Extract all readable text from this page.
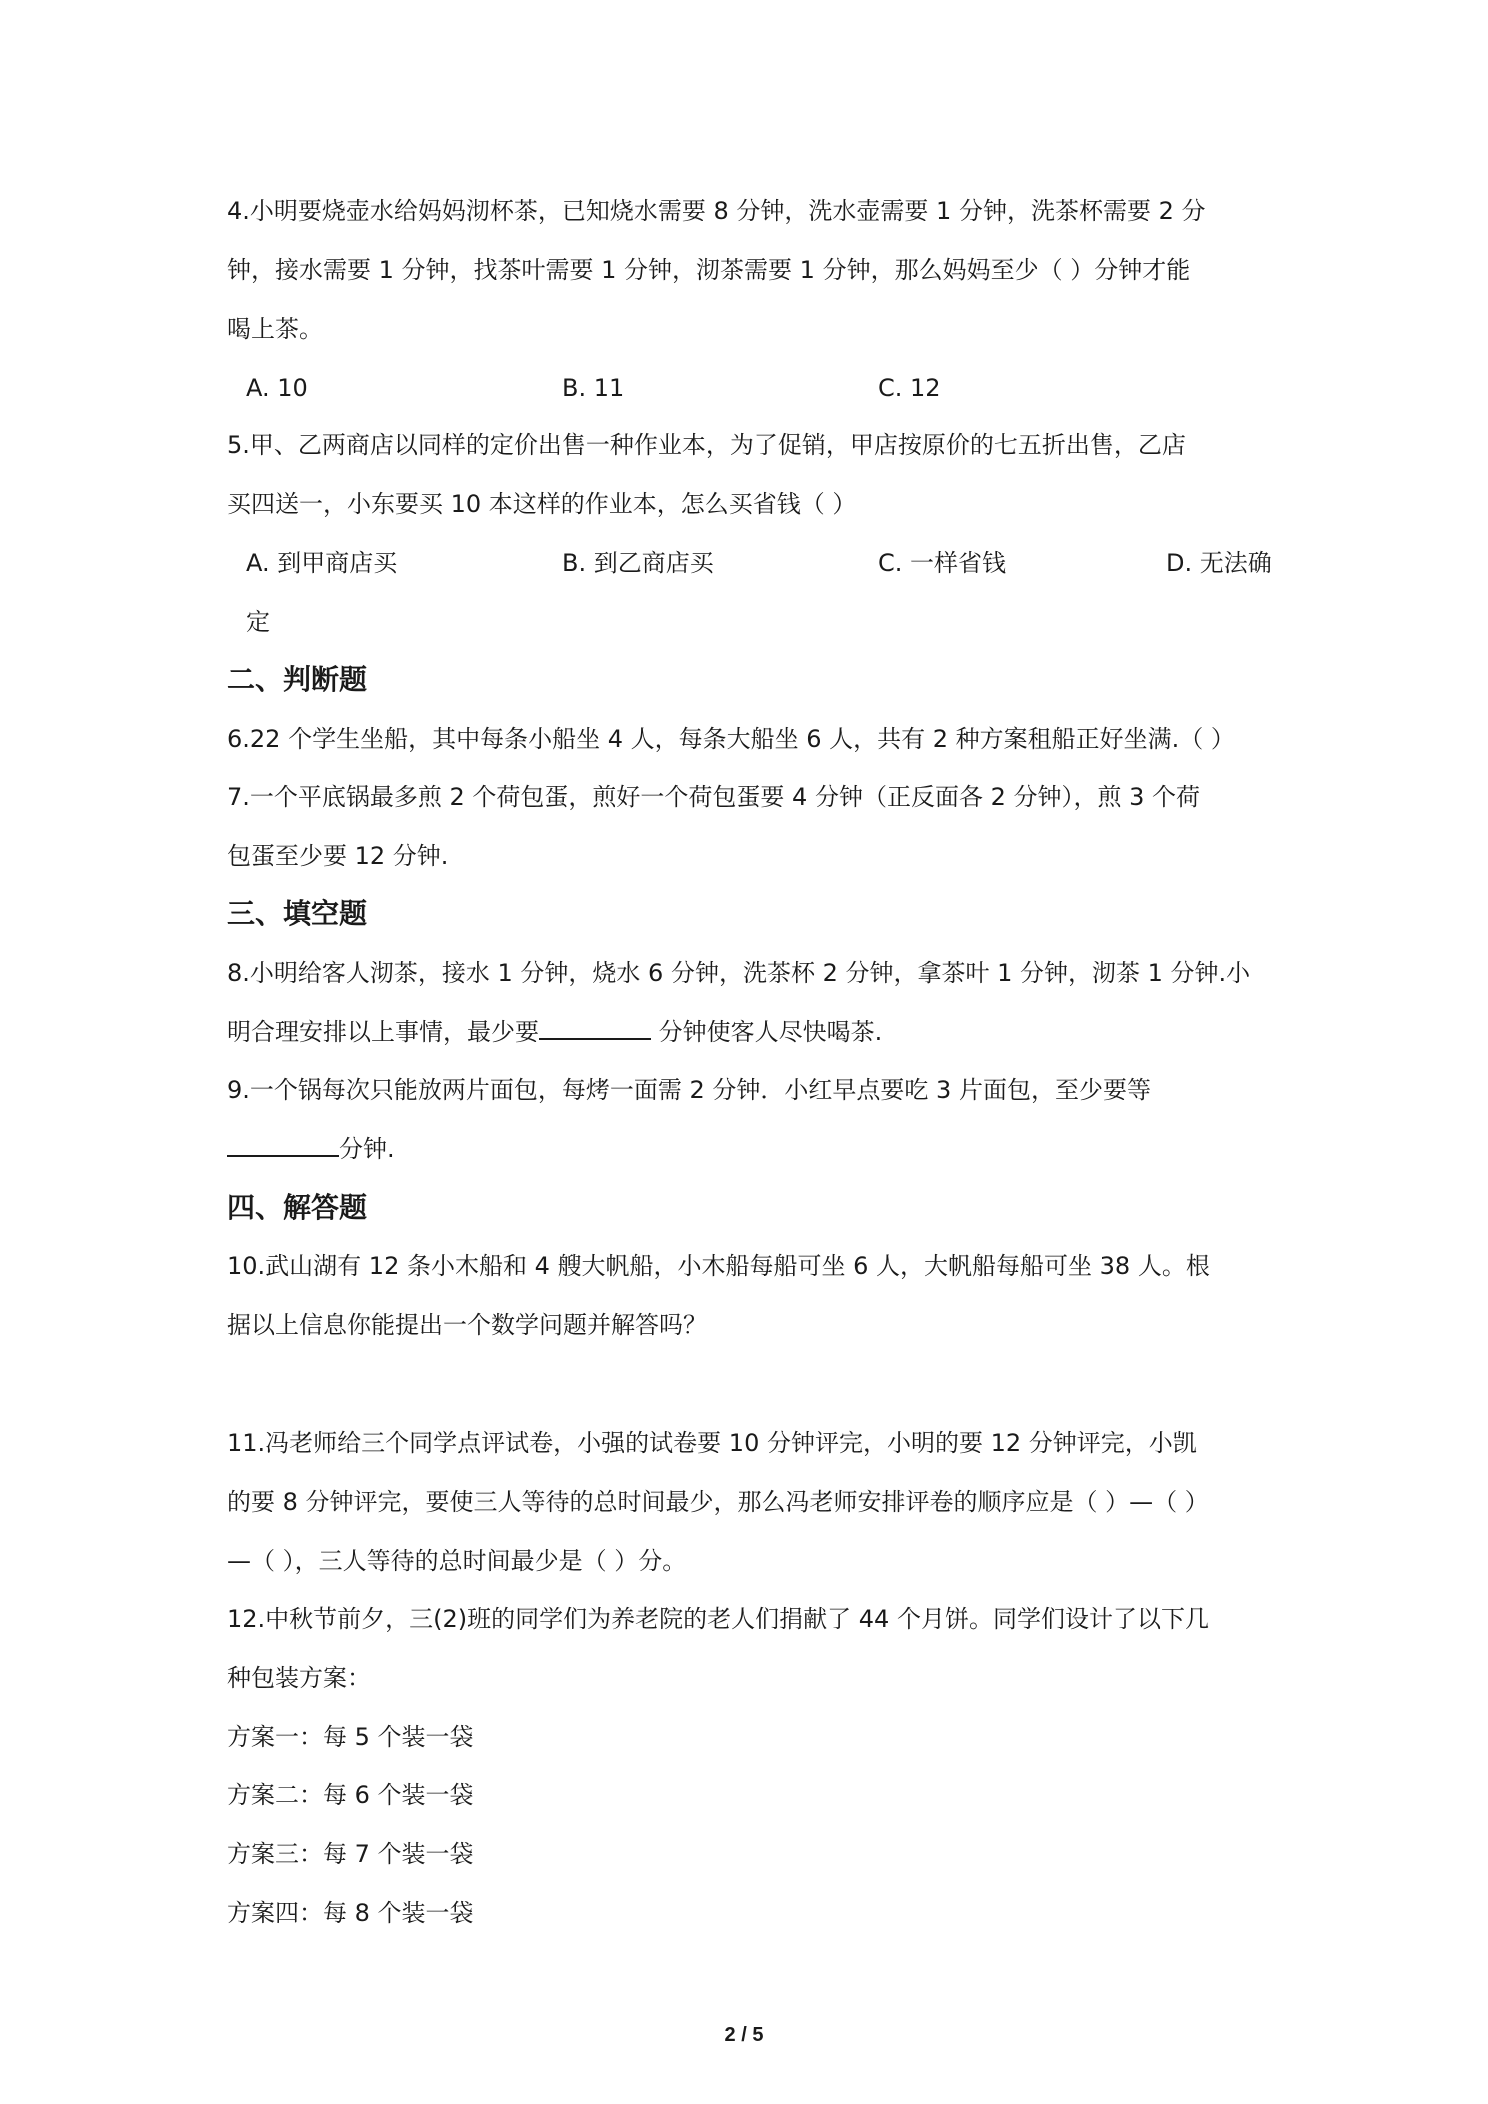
4.小明要烧壶水给妈妈沏杯茶，已知烧水需要 8 分钟，洗水壶需要 1 分钟，洗茶杯需要 2 分
钟，接水需要 1 分钟，找茶叶需要 1 分钟，沏茶需要 1 分钟，那么妈妈至少（ ）分钟才能
喝上茶。
A. 10	B. 11	C. 12
5.甲、乙两商店以同样的定价出售一种作业本，为了促销，甲店按原价的七五折出售，乙店
买四送一，小东要买 10 本这样的作业本，怎么买省钱（ ）
A. 到甲商店买	B. 到乙商店买	C. 一样省钱	D. 无法确
定
二、判断题
6.22 个学生坐船，其中每条小船坐 4 人，每条大船坐 6 人，共有 2 种方案租船正好坐满.（ ）
7.一个平底锅最多煎 2 个荷包蛋，煎好一个荷包蛋要 4 分钟（正反面各 2 分钟），煎 3 个荷
包蛋至少要 12 分钟.
三、填空题
8.小明给客人沏茶，接水 1 分钟，烧水 6 分钟，洗茶杯 2 分钟，拿茶叶 1 分钟，沏茶 1 分钟.小
明合理安排以上事情，最少要	分钟使客人尽快喝茶.
9.一个锅每次只能放两片面包，每烤一面需 2 分钟．小红早点要吃 3 片面包，至少要等
分钟.
四、解答题
10.武山湖有 12 条小木船和 4 艘大帆船，小木船每船可坐 6 人，大帆船每船可坐 38 人。根
据以上信息你能提出一个数学问题并解答吗？
11.冯老师给三个同学点评试卷，小强的试卷要 10 分钟评完，小明的要 12 分钟评完，小凯
的要 8 分钟评完，要使三人等待的总时间最少，那么冯老师安排评卷的顺序应是（ ）—（ ）
—（ ），三人等待的总时间最少是（ ）分。
12.中秋节前夕，三(2)班的同学们为养老院的老人们捐献了 44 个月饼。同学们设计了以下几
种包装方案：
方案一：每 5 个装一袋
方案二：每 6 个装一袋
方案三：每 7 个装一袋
方案四：每 8 个装一袋
2 / 5
